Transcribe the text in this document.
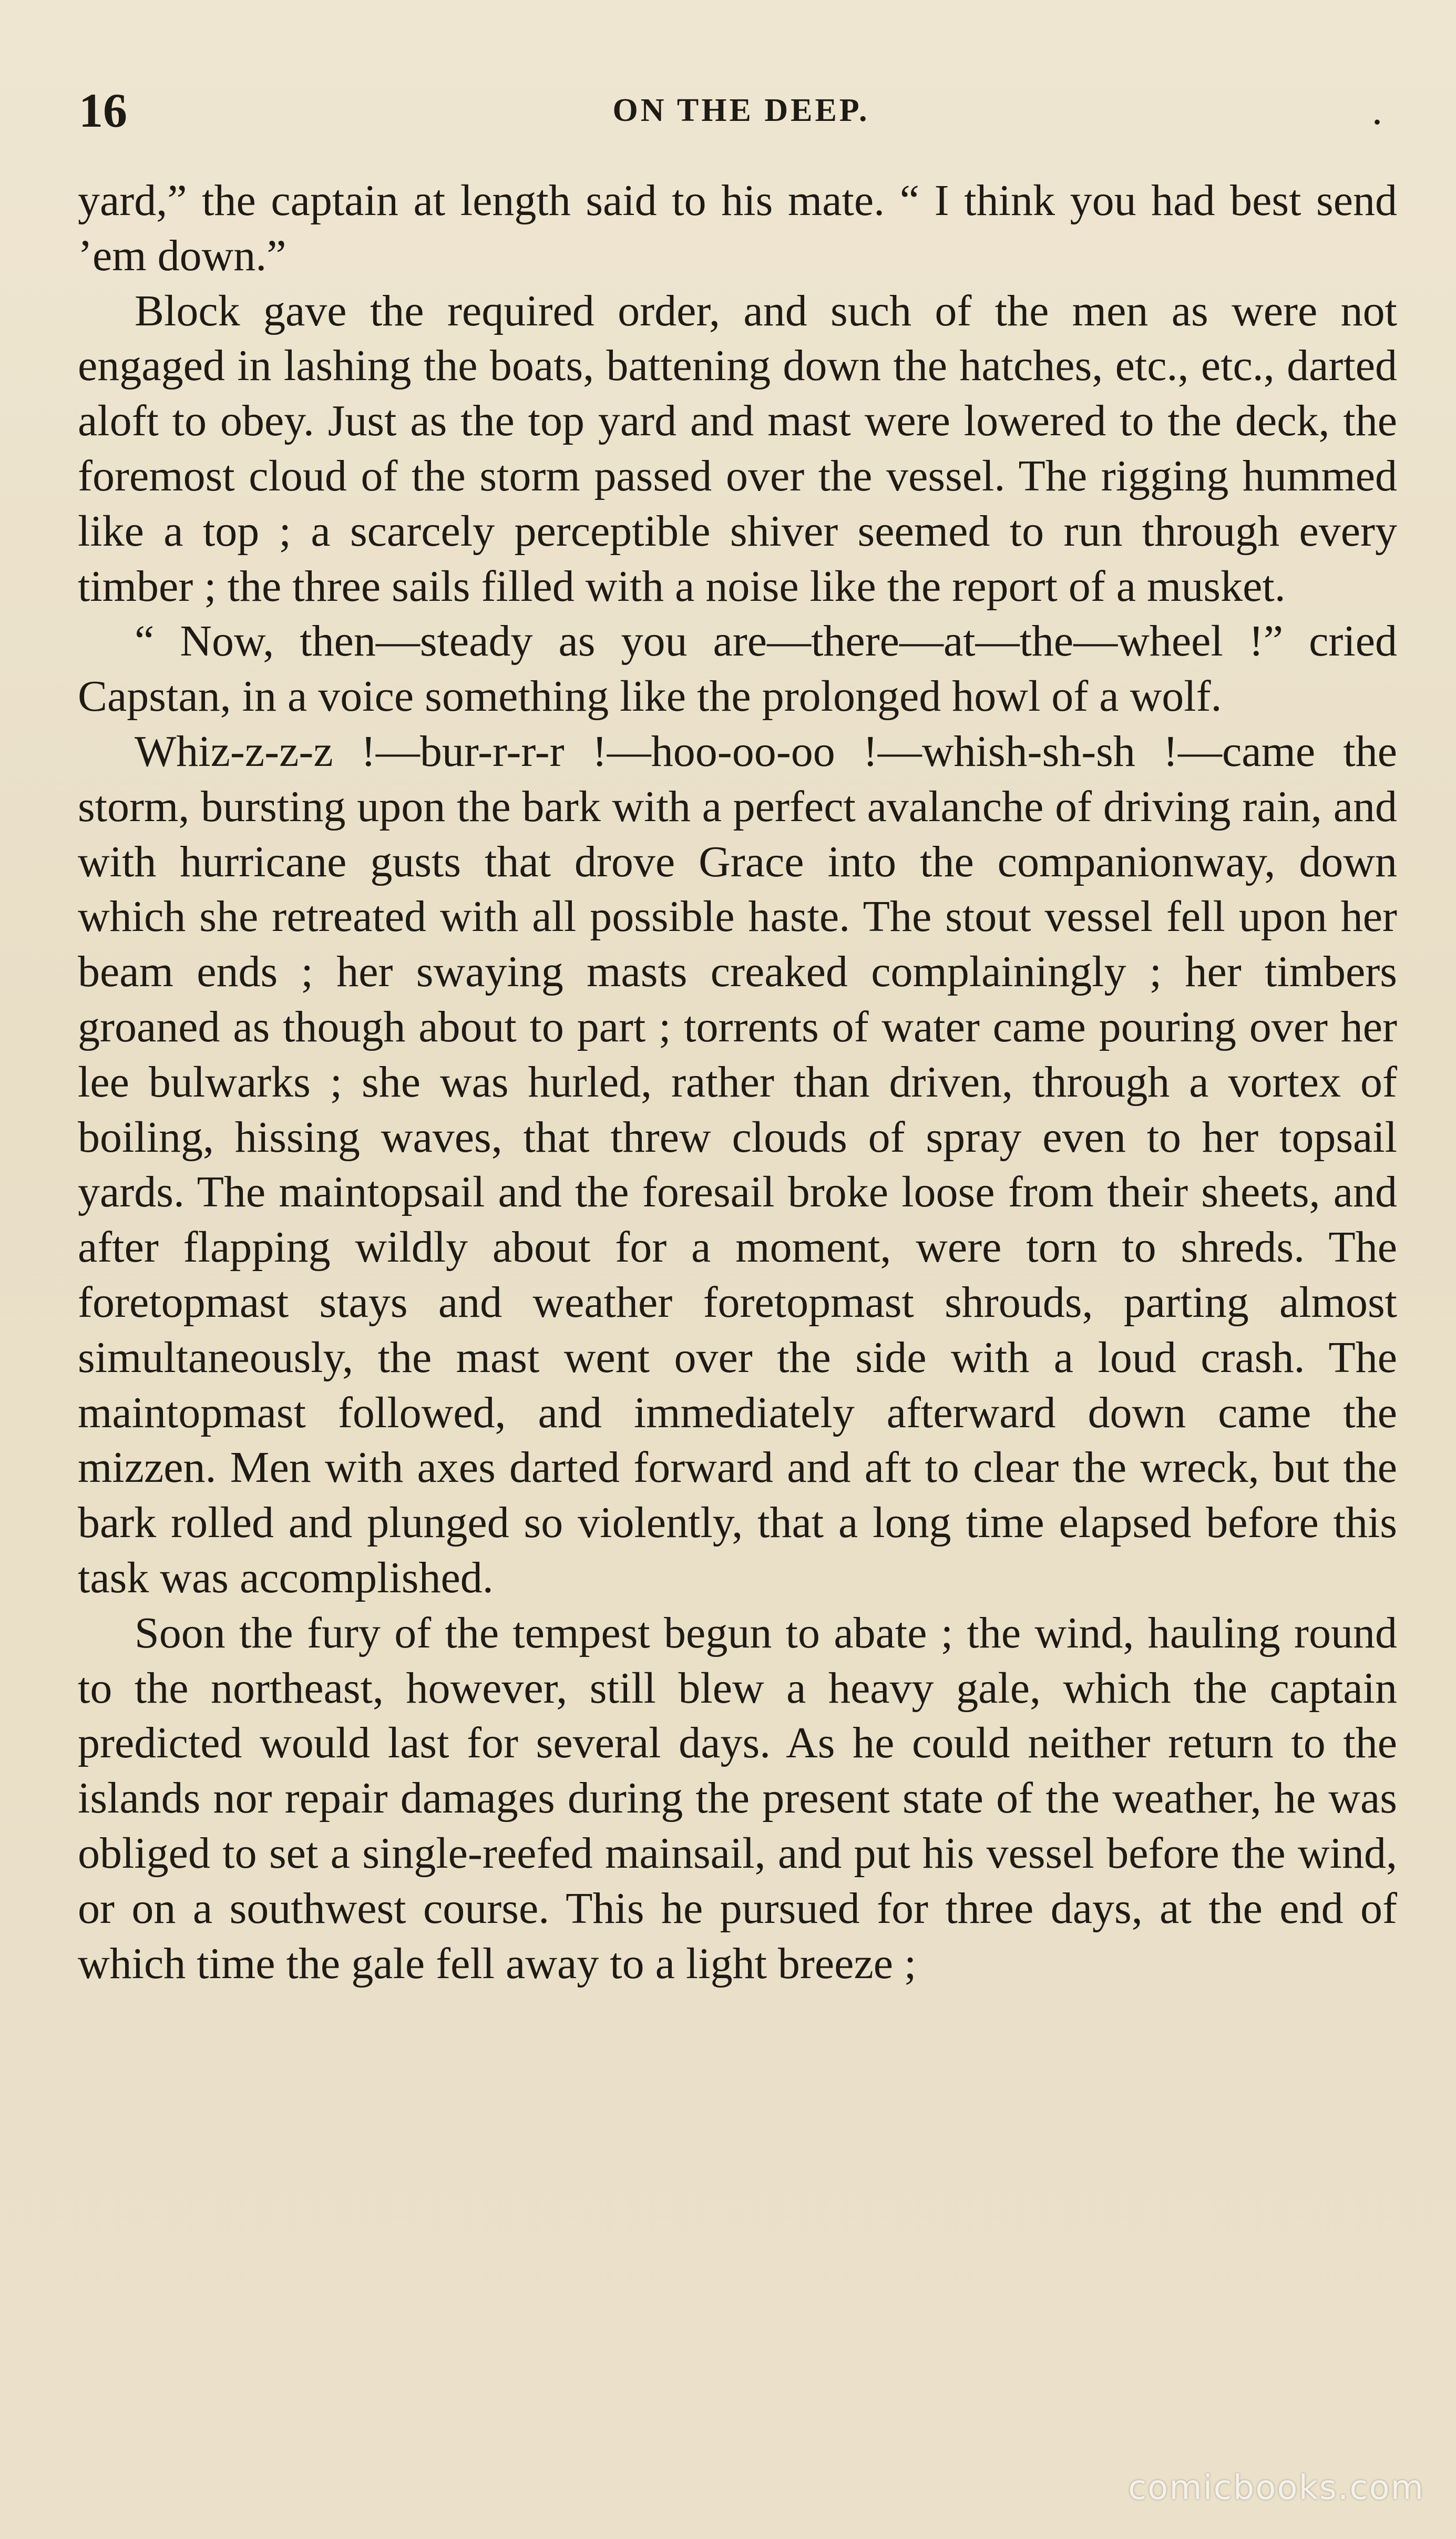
16	ON THE DEEP.	.

yard,” the captain at length said to his mate. “ I think you had best send ’em down.”

Block gave the required order, and such of the men as were not engaged in lashing the boats, battening down the hatches, etc., etc., darted aloft to obey. Just as the top yard and mast were lowered to the deck, the foremost cloud of the storm passed over the vessel. The rigging hummed like a top ; a scarcely perceptible shiver seemed to run through every timber ; the three sails filled with a noise like the report of a musket.

“ Now, then—steady as you are—there—at—the—wheel !” cried Capstan, in a voice something like the prolonged howl of a wolf.

Whiz-z-z-z !—bur-r-r-r !—hoo-oo-oo !—whish-sh-sh !—came the storm, bursting upon the bark with a perfect avalanche of driving rain, and with hurricane gusts that drove Grace into the companionway, down which she retreated with all possible haste. The stout vessel fell upon her beam ends ; her swaying masts creaked complainingly ; her timbers groaned as though about to part ; torrents of water came pouring over her lee bulwarks ; she was hurled, rather than driven, through a vortex of boiling, hissing waves, that threw clouds of spray even to her topsail yards. The maintopsail and the foresail broke loose from their sheets, and after flapping wildly about for a moment, were torn to shreds. The foretopmast stays and weather foretopmast shrouds, parting almost simultaneously, the mast went over the side with a loud crash. The maintopmast followed, and immediately afterward down came the mizzen. Men with axes darted forward and aft to clear the wreck, but the bark rolled and plunged so violently, that a long time elapsed before this task was accomplished.

Soon the fury of the tempest begun to abate ; the wind, hauling round to the northeast, however, still blew a heavy gale, which the captain predicted would last for several days. As he could neither return to the islands nor repair damages during the present state of the weather, he was obliged to set a single-reefed mainsail, and put his vessel before the wind, or on a southwest course. This he pursued for three days, at the end of which time the gale fell away to a light breeze ;

comicbooks.com
